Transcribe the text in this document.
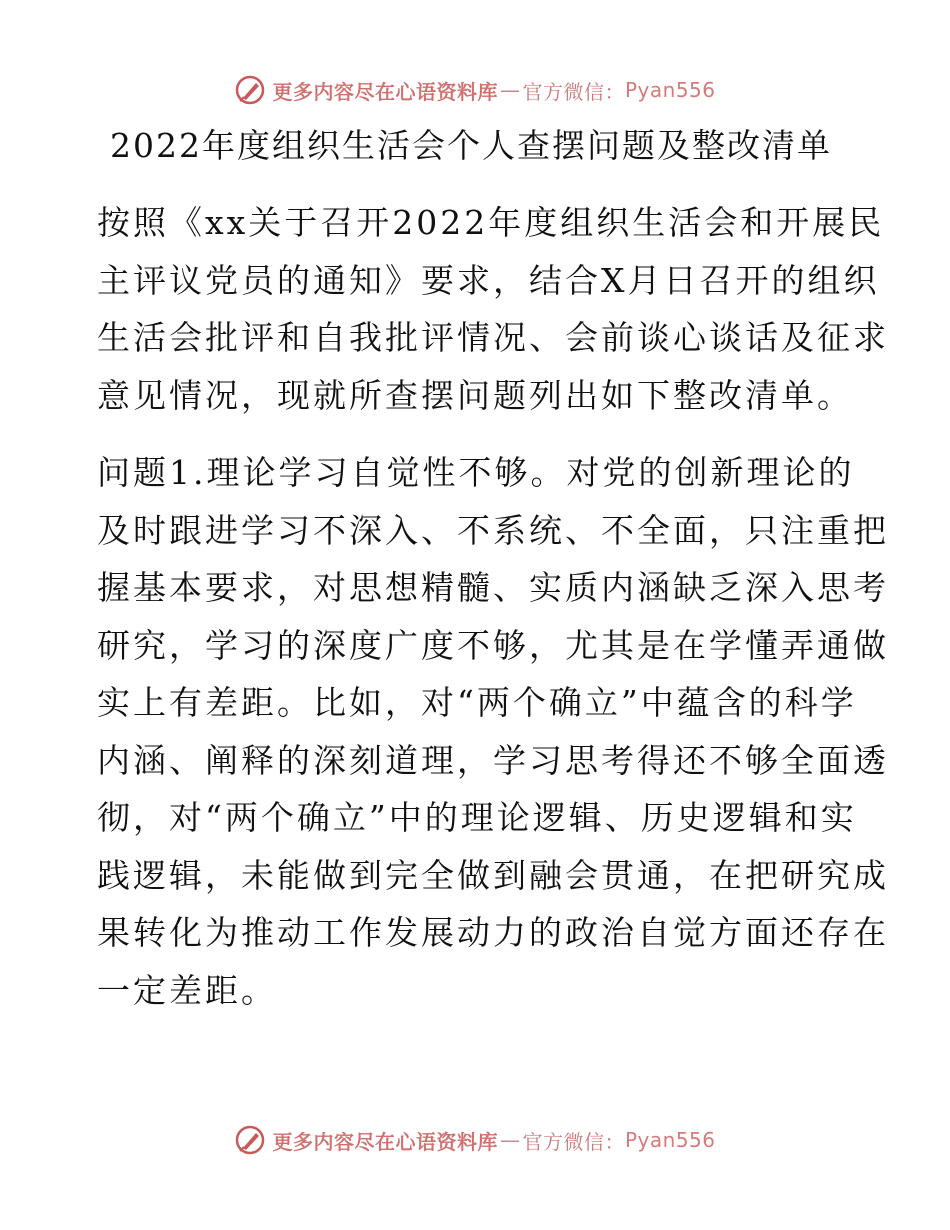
更多内容尽在心语资料库 — 官方微信： Pyan556
2022年度组织生活会个人查摆问题及整改清单

按照《xx关于召开2022年度组织生活会和开展民
主评议党员的通知》要求，结合X月日召开的组织
生活会批评和自我批评情况、会前谈心谈话及征求
意见情况，现就所查摆问题列出如下整改清单。

问题1.理论学习自觉性不够。对党的创新理论的
及时跟进学习不深入、不系统、不全面，只注重把
握基本要求，对思想精髓、实质内涵缺乏深入思考
研究，学习的深度广度不够，尤其是在学懂弄通做
实上有差距。比如，对“两个确立”中蕴含的科学
内涵、阐释的深刻道理，学习思考得还不够全面透
彻，对“两个确立”中的理论逻辑、历史逻辑和实
践逻辑，未能做到完全做到融会贯通，在把研究成
果转化为推动工作发展动力的政治自觉方面还存在
一定差距。

更多内容尽在心语资料库 — 官方微信： Pyan556
